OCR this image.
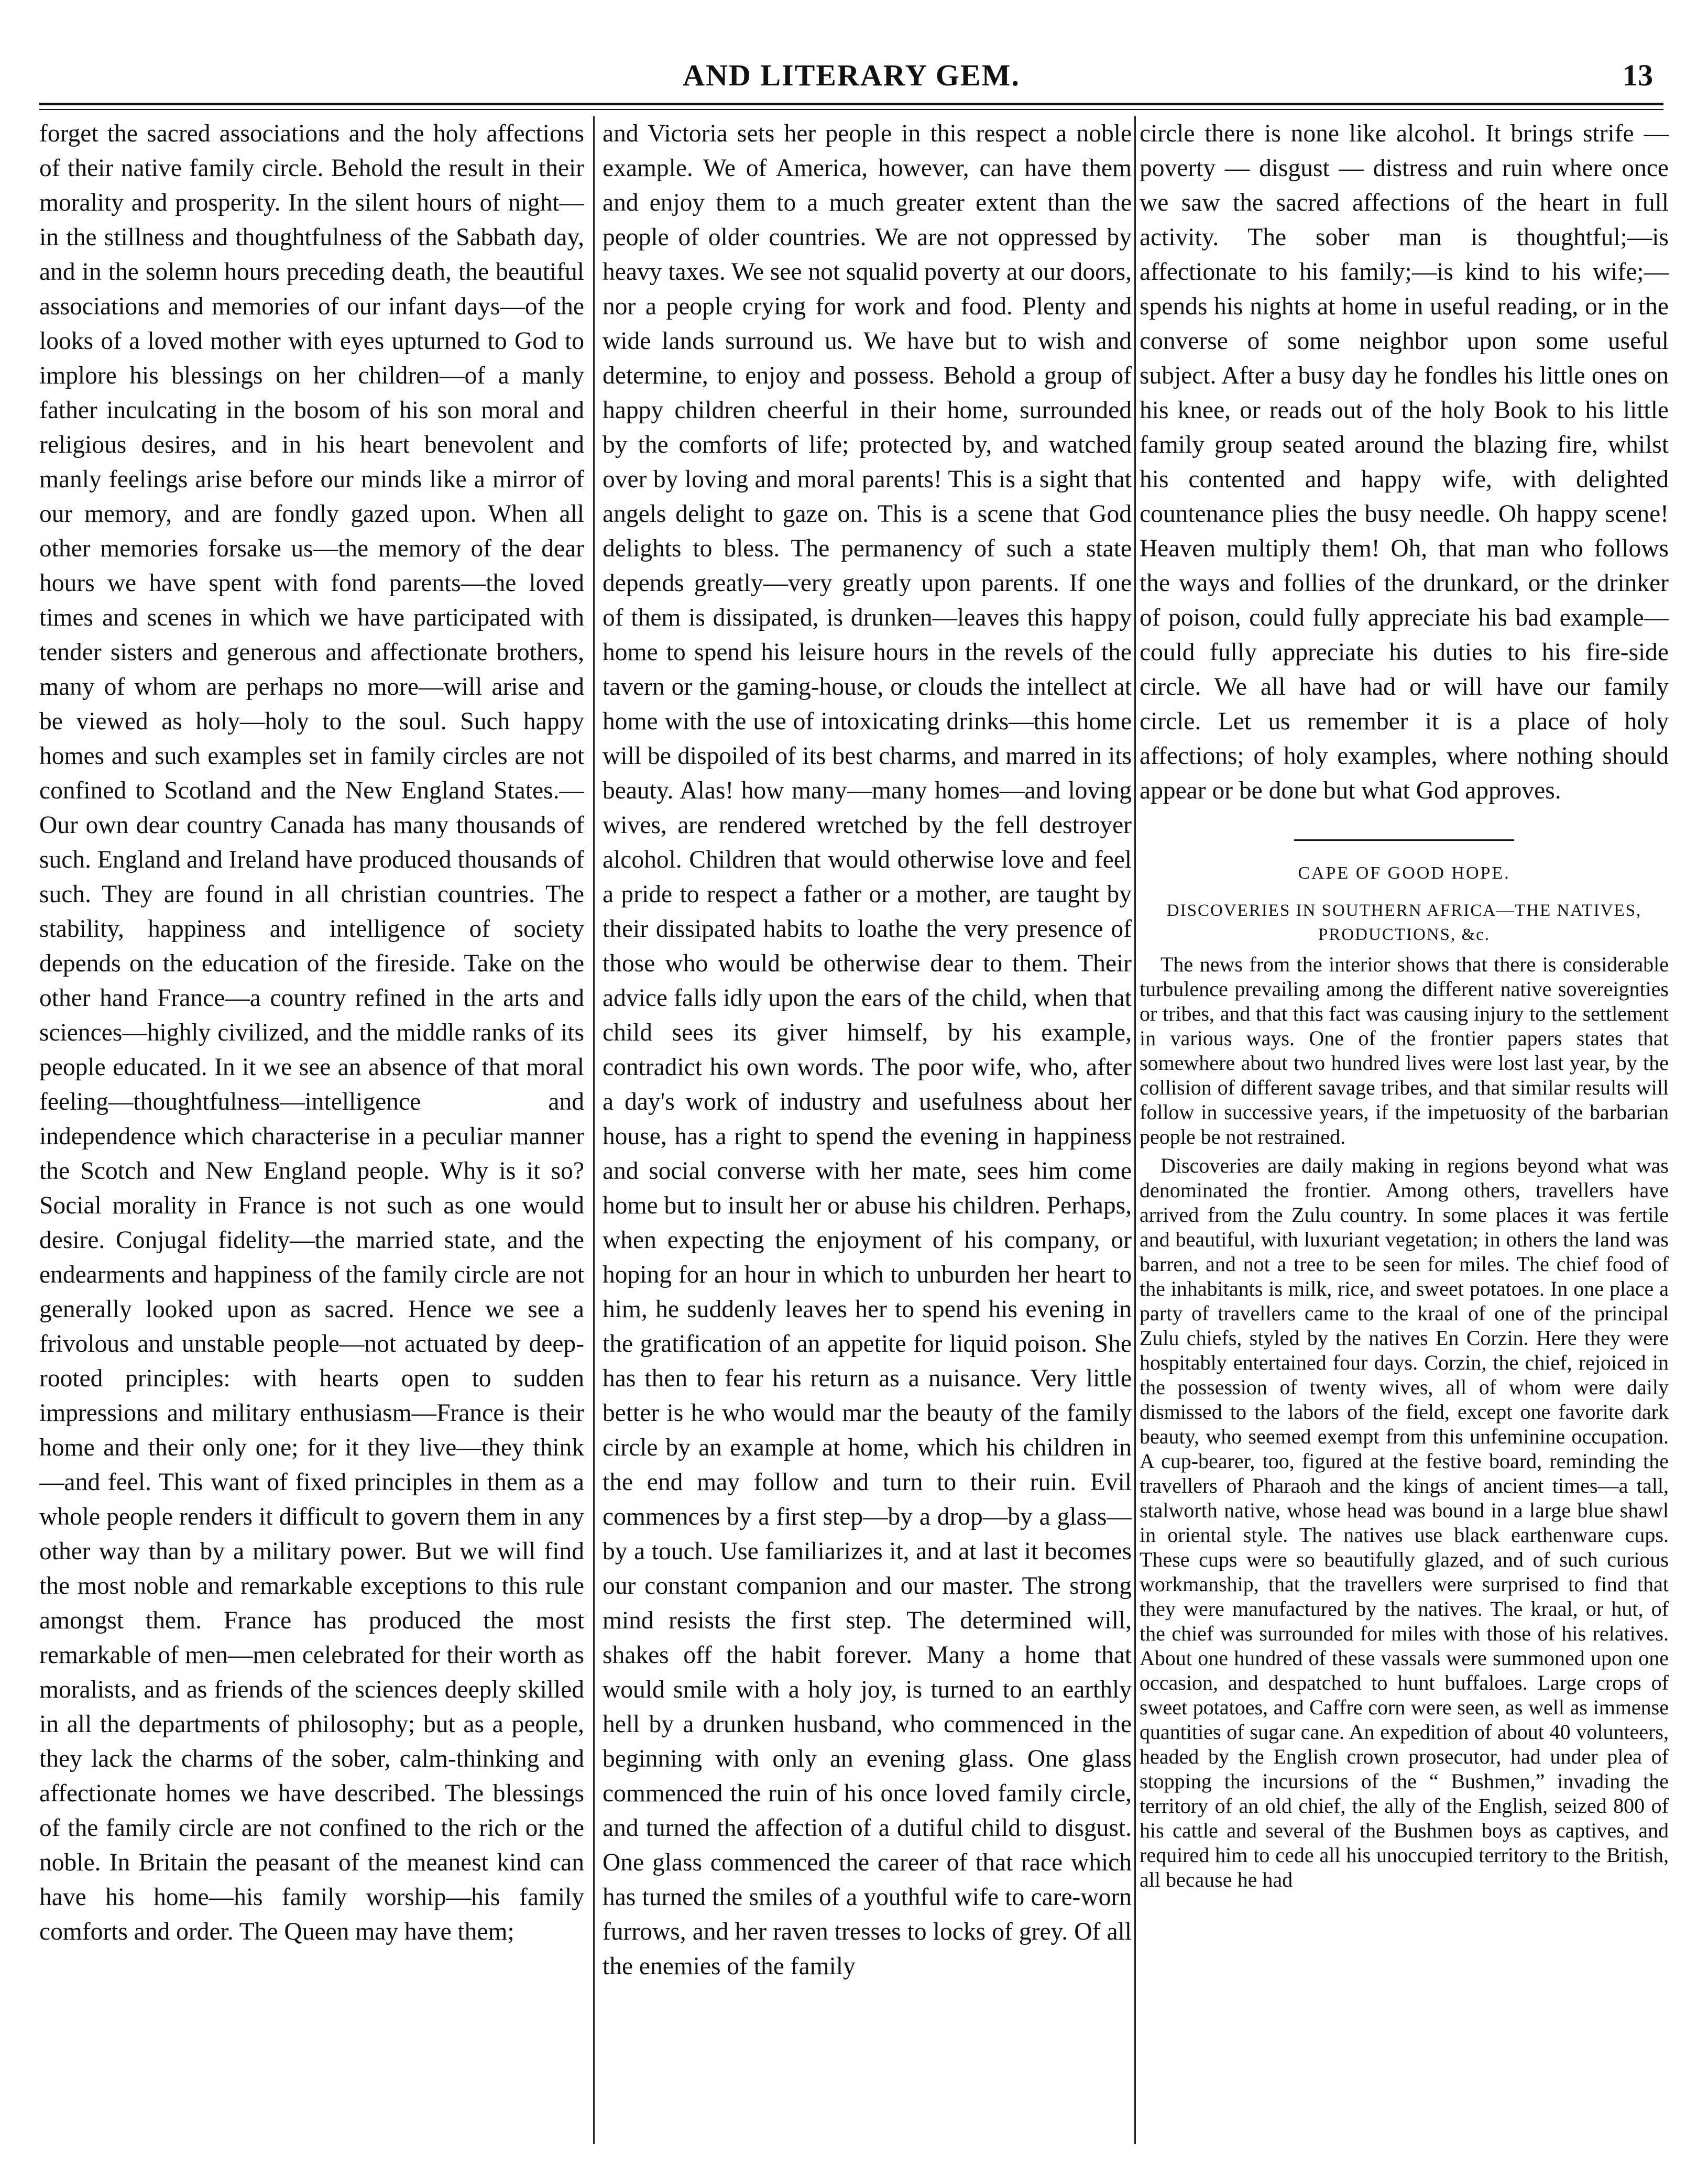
AND LITERARY GEM.	13

forget the sacred associations and the holy affections of their native family circle. Behold the result in their morality and prosperity. In the silent hours of night—in the stillness and thoughtfulness of the Sabbath day, and in the solemn hours preceding death, the beautiful associations and memories of our infant days—of the looks of a loved mother with eyes upturned to God to implore his blessings on her children—of a manly father inculcating in the bosom of his son moral and religious desires, and in his heart benevolent and manly feelings arise before our minds like a mirror of our memory, and are fondly gazed upon. When all other memories forsake us—the memory of the dear hours we have spent with fond parents—the loved times and scenes in which we have participated with tender sisters and generous and affectionate brothers, many of whom are perhaps no more—will arise and be viewed as holy—holy to the soul. Such happy homes and such examples set in family circles are not confined to Scotland and the New England States.—Our own dear country Canada has many thousands of such. England and Ireland have produced thousands of such. They are found in all christian countries. The stability, happiness and intelligence of society depends on the education of the fireside. Take on the other hand France—a country refined in the arts and sciences—highly civilized, and the middle ranks of its people educated. In it we see an absence of that moral feeling—thoughtfulness—intelligence and independence which characterise in a peculiar manner the Scotch and New England people. Why is it so? Social morality in France is not such as one would desire. Conjugal fidelity—the married state, and the endearments and happiness of the family circle are not generally looked upon as sacred. Hence we see a frivolous and unstable people—not actuated by deep-rooted principles: with hearts open to sudden impressions and military enthusiasm—France is their home and their only one; for it they live—they think—and feel. This want of fixed principles in them as a whole people renders it difficult to govern them in any other way than by a military power. But we will find the most noble and remarkable exceptions to this rule amongst them. France has produced the most remarkable of men—men celebrated for their worth as moralists, and as friends of the sciences deeply skilled in all the departments of philosophy; but as a people, they lack the charms of the sober, calm-thinking and affectionate homes we have described. The blessings of the family circle are not confined to the rich or the noble. In Britain the peasant of the meanest kind can have his home—his family worship—his family comforts and order. The Queen may have them;

and Victoria sets her people in this respect a noble example. We of America, however, can have them and enjoy them to a much greater extent than the people of older countries. We are not oppressed by heavy taxes. We see not squalid poverty at our doors, nor a people crying for work and food. Plenty and wide lands surround us. We have but to wish and determine, to enjoy and possess. Behold a group of happy children cheerful in their home, surrounded by the comforts of life; protected by, and watched over by loving and moral parents! This is a sight that angels delight to gaze on. This is a scene that God delights to bless. The permanency of such a state depends greatly—very greatly upon parents. If one of them is dissipated, is drunken—leaves this happy home to spend his leisure hours in the revels of the tavern or the gaming-house, or clouds the intellect at home with the use of intoxicating drinks—this home will be dispoiled of its best charms, and marred in its beauty. Alas! how many—many homes—and loving wives, are rendered wretched by the fell destroyer alcohol. Children that would otherwise love and feel a pride to respect a father or a mother, are taught by their dissipated habits to loathe the very presence of those who would be otherwise dear to them. Their advice falls idly upon the ears of the child, when that child sees its giver himself, by his example, contradict his own words. The poor wife, who, after a day's work of industry and usefulness about her house, has a right to spend the evening in happiness and social converse with her mate, sees him come home but to insult her or abuse his children. Perhaps, when expecting the enjoyment of his company, or hoping for an hour in which to unburden her heart to him, he suddenly leaves her to spend his evening in the gratification of an appetite for liquid poison. She has then to fear his return as a nuisance. Very little better is he who would mar the beauty of the family circle by an example at home, which his children in the end may follow and turn to their ruin. Evil commences by a first step—by a drop—by a glass—by a touch. Use familiarizes it, and at last it becomes our constant companion and our master. The strong mind resists the first step. The determined will, shakes off the habit forever. Many a home that would smile with a holy joy, is turned to an earthly hell by a drunken husband, who commenced in the beginning with only an evening glass. One glass commenced the ruin of his once loved family circle, and turned the affection of a dutiful child to disgust. One glass commenced the career of that race which has turned the smiles of a youthful wife to care-worn furrows, and her raven tresses to locks of grey. Of all the enemies of the family

circle there is none like alcohol. It brings strife — poverty — disgust — distress and ruin where once we saw the sacred affections of the heart in full activity. The sober man is thoughtful;—is affectionate to his family;—is kind to his wife;—spends his nights at home in useful reading, or in the converse of some neighbor upon some useful subject. After a busy day he fondles his little ones on his knee, or reads out of the holy Book to his little family group seated around the blazing fire, whilst his contented and happy wife, with delighted countenance plies the busy needle. Oh happy scene! Heaven multiply them! Oh, that man who follows the ways and follies of the drunkard, or the drinker of poison, could fully appreciate his bad example—could fully appreciate his duties to his fire-side circle. We all have had or will have our family circle. Let us remember it is a place of holy affections; of holy examples, where nothing should appear or be done but what God approves.

CAPE OF GOOD HOPE.
DISCOVERIES IN SOUTHERN AFRICA—THE NATIVES, PRODUCTIONS, &c.

The news from the interior shows that there is considerable turbulence prevailing among the different native sovereignties or tribes, and that this fact was causing injury to the settlement in various ways. One of the frontier papers states that somewhere about two hundred lives were lost last year, by the collision of different savage tribes, and that similar results will follow in successive years, if the impetuosity of the barbarian people be not restrained.

Discoveries are daily making in regions beyond what was denominated the frontier. Among others, travellers have arrived from the Zulu country. In some places it was fertile and beautiful, with luxuriant vegetation; in others the land was barren, and not a tree to be seen for miles. The chief food of the inhabitants is milk, rice, and sweet potatoes. In one place a party of travellers came to the kraal of one of the principal Zulu chiefs, styled by the natives En Corzin. Here they were hospitably entertained four days. Corzin, the chief, rejoiced in the possession of twenty wives, all of whom were daily dismissed to the labors of the field, except one favorite dark beauty, who seemed exempt from this unfeminine occupation. A cup-bearer, too, figured at the festive board, reminding the travellers of Pharaoh and the kings of ancient times—a tall, stalworth native, whose head was bound in a large blue shawl in oriental style. The natives use black earthenware cups. These cups were so beautifully glazed, and of such curious workmanship, that the travellers were surprised to find that they were manufactured by the natives. The kraal, or hut, of the chief was surrounded for miles with those of his relatives. About one hundred of these vassals were summoned upon one occasion, and despatched to hunt buffaloes. Large crops of sweet potatoes, and Caffre corn were seen, as well as immense quantities of sugar cane. An expedition of about 40 volunteers, headed by the English crown prosecutor, had under plea of stopping the incursions of the “ Bushmen,” invading the territory of an old chief, the ally of the English, seized 800 of his cattle and several of the Bushmen boys as captives, and required him to cede all his unoccupied territory to the British, all because he had
